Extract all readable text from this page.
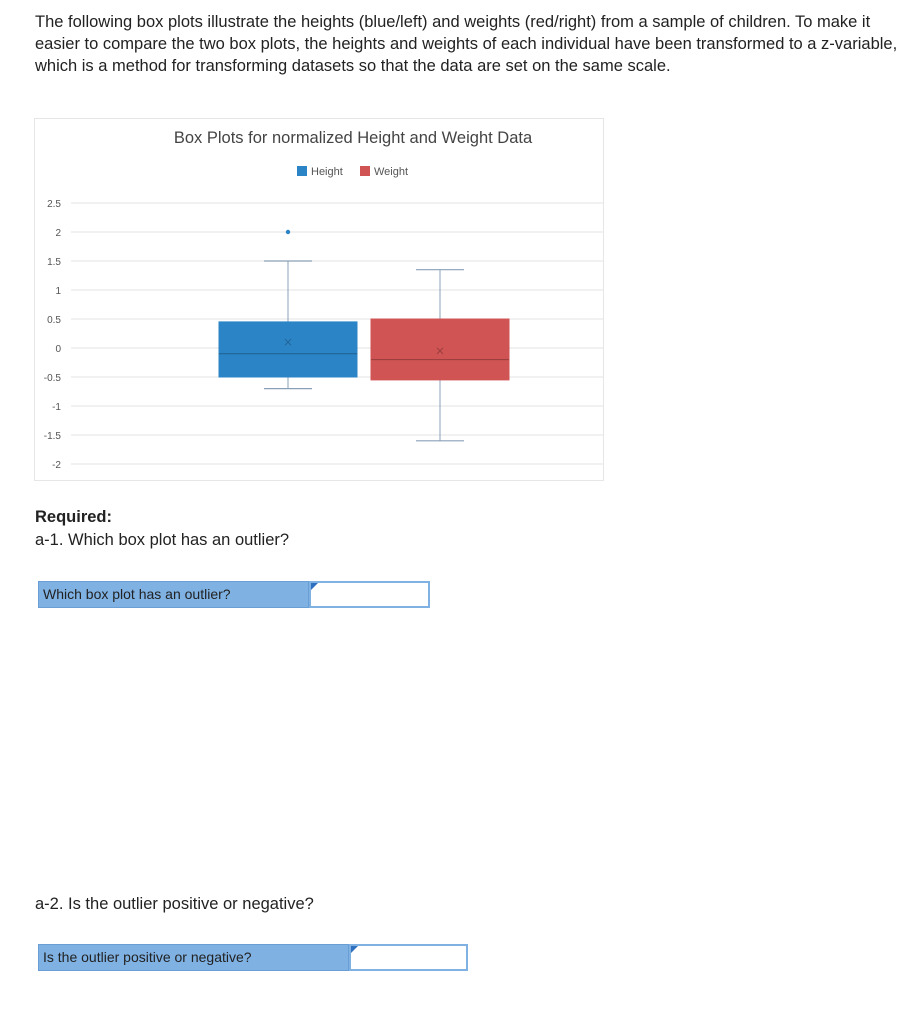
The following box plots illustrate the heights (blue/left) and weights (red/right) from a sample of children. To make it easier to compare the two box plots, the heights and weights of each individual have been transformed to a z-variable, which is a method for transforming datasets so that the data are set on the same scale.

Box Plots for normalized Height and Weight Data
Height	Weight
2.5
2
1.5
1
0.5
0
-0.5
-1
-1.5
-2

Required:

a-1. Which box plot has an outlier?

Which box plot has an outlier?

a-2. Is the outlier positive or negative?

Is the outlier positive or negative?
